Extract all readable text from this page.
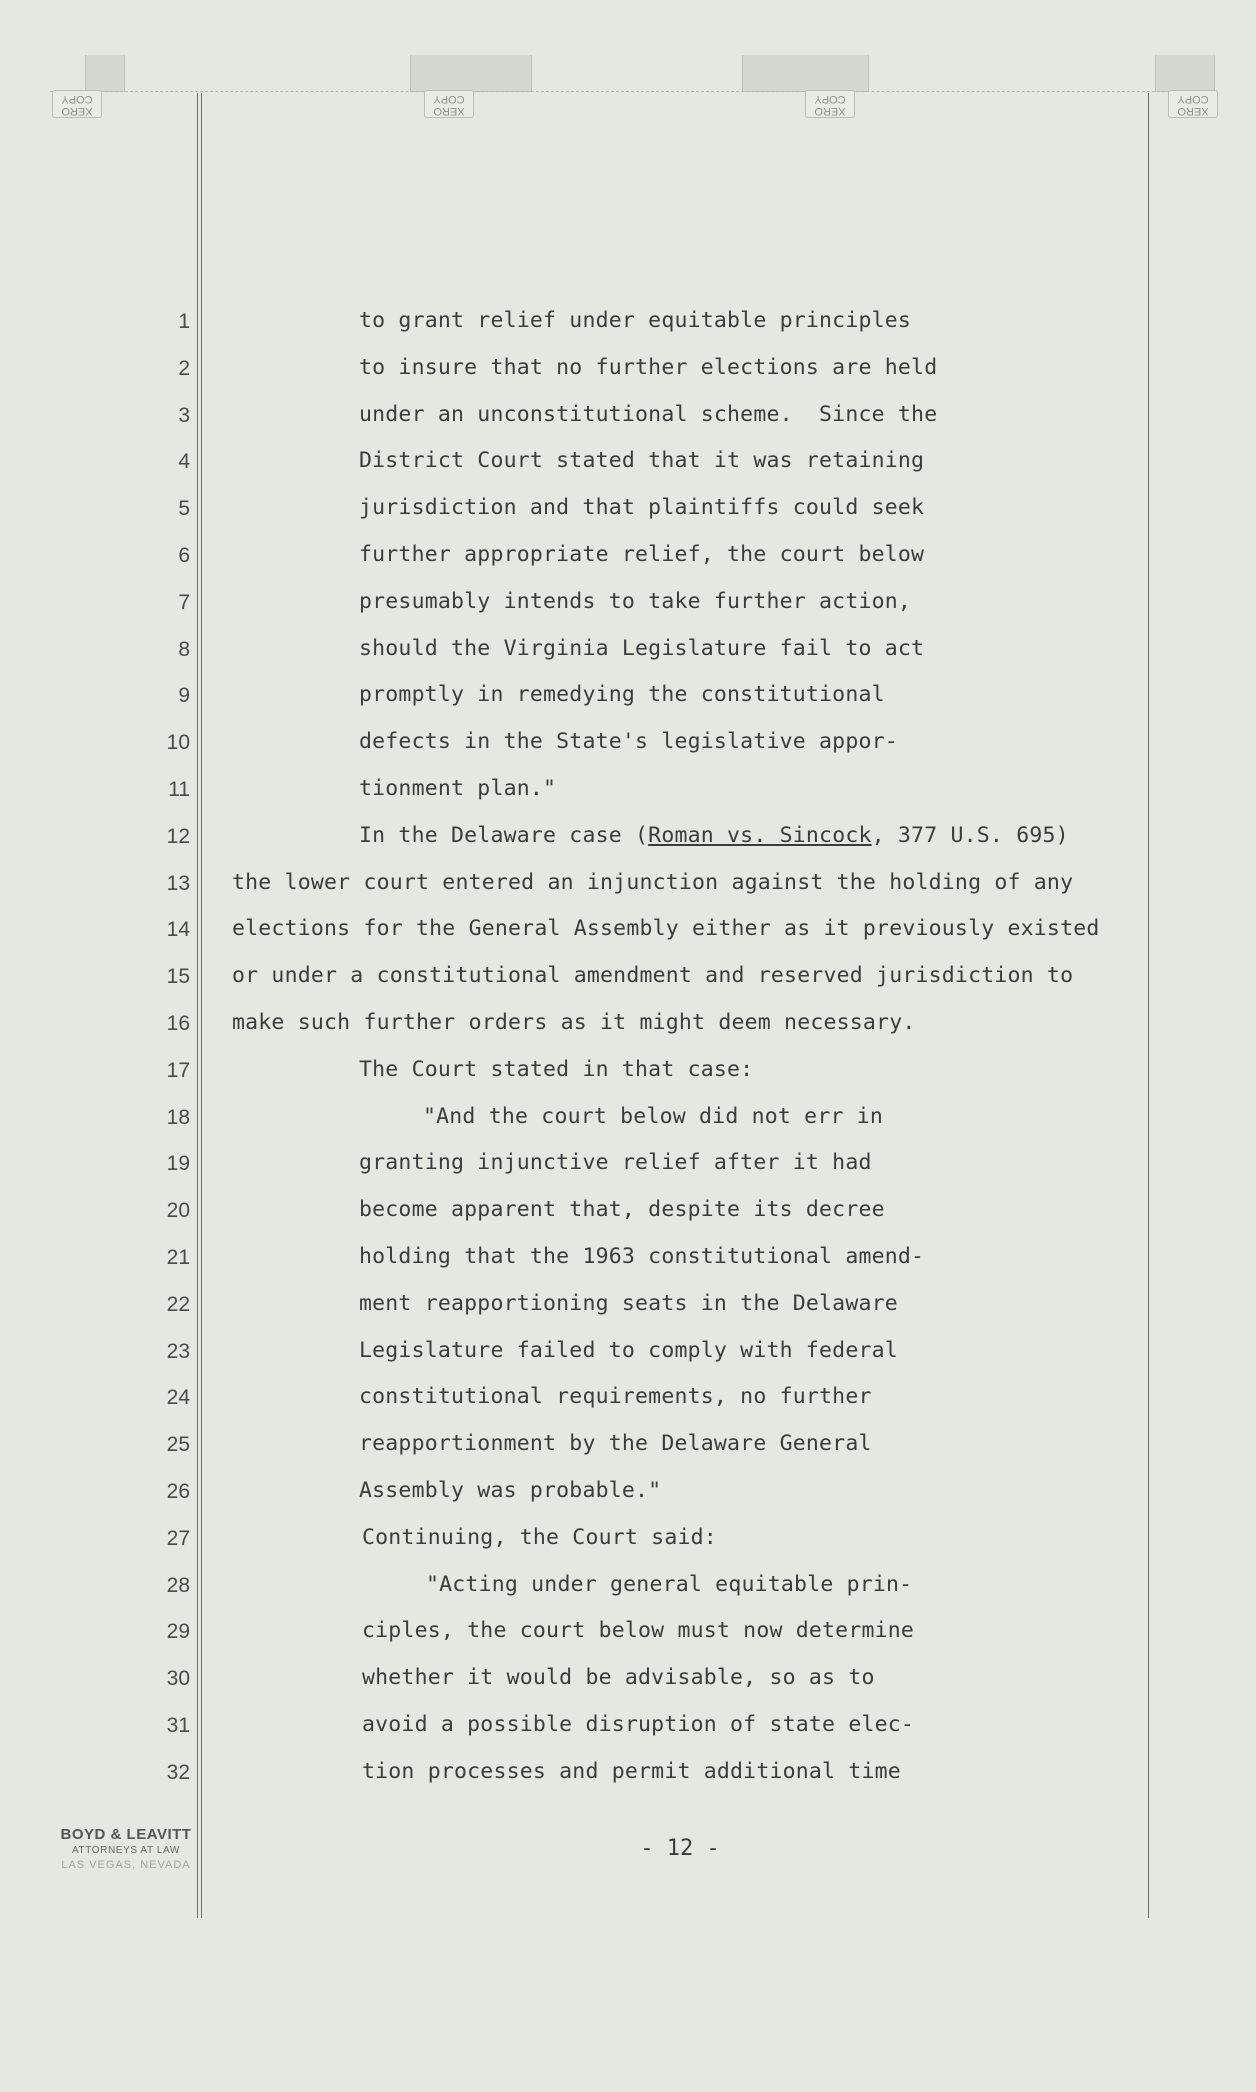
XERO COPY
XERO COPY
XERO COPY
XERO COPY
1
2
3
4
5
6
7
8
9
10
11
12
13
14
15
16
17
18
19
20
21
22
23
24
25
26
27
28
29
30
31
32
In the Delaware case (Roman vs. Sincock, 377 U.S. 695)
to grant relief under equitable principles
to insure that no further elections are held
under an unconstitutional scheme.  Since the
District Court stated that it was retaining
jurisdiction and that plaintiffs could seek
further appropriate relief, the court below
presumably intends to take further action,
should the Virginia Legislature fail to act
promptly in remedying the constitutional
defects in the State's legislative appor-
tionment plan."
the lower court entered an injunction against the holding of any
elections for the General Assembly either as it previously existed
or under a constitutional amendment and reserved jurisdiction to
make such further orders as it might deem necessary.
The Court stated in that case:
"And the court below did not err in
granting injunctive relief after it had
become apparent that, despite its decree
holding that the 1963 constitutional amend-
ment reapportioning seats in the Delaware
Legislature failed to comply with federal
constitutional requirements, no further
reapportionment by the Delaware General
Assembly was probable."
Continuing, the Court said:
"Acting under general equitable prin-
ciples, the court below must now determine
whether it would be advisable, so as to
avoid a possible disruption of state elec-
tion processes and permit additional time
BOYD & LEAVITT
ATTORNEYS AT LAW
LAS VEGAS, NEVADA
- 12 -
